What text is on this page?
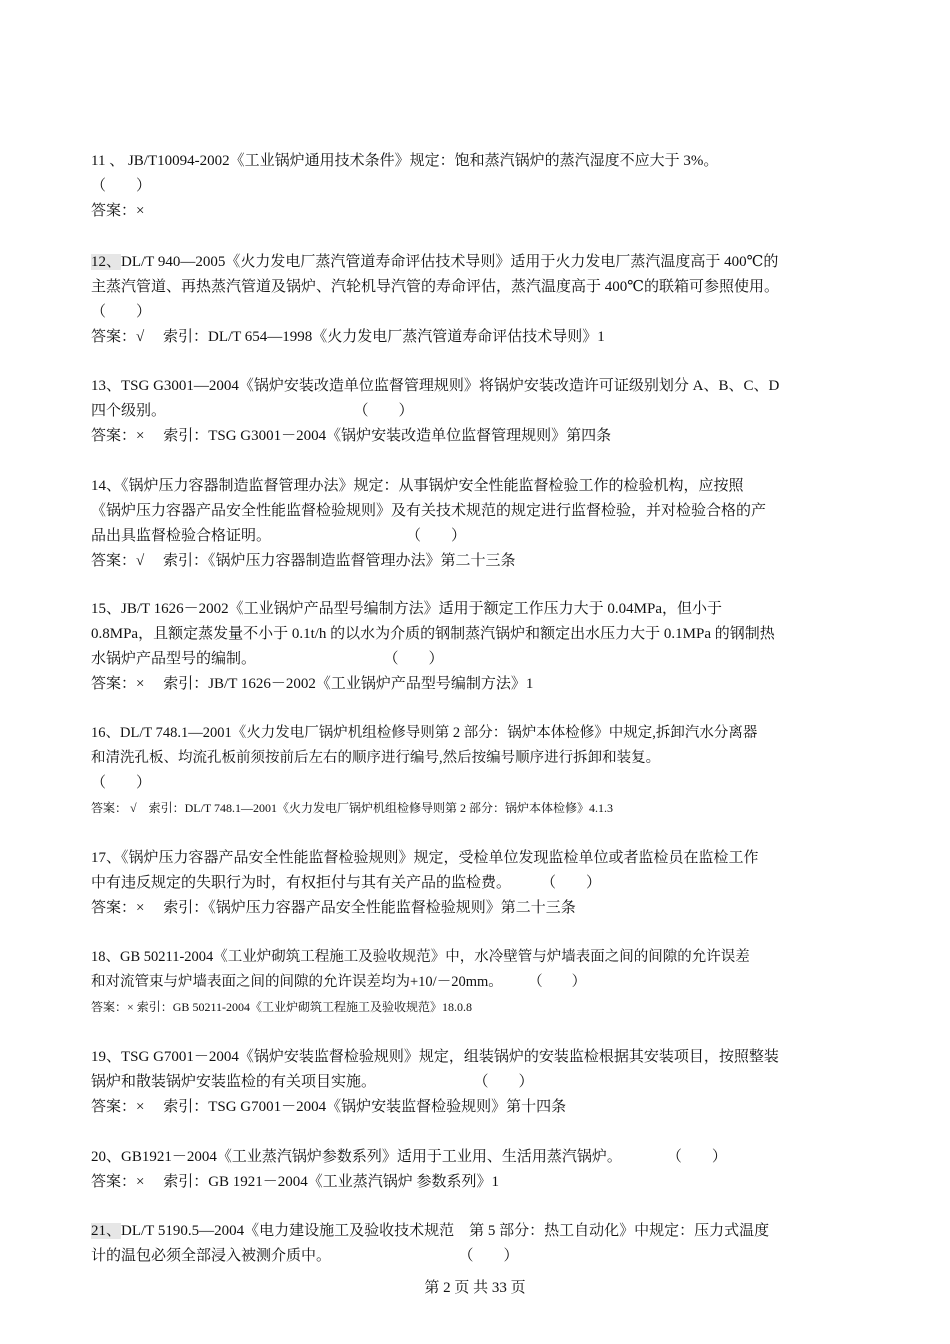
11 、 JB/T10094-2002《工业锅炉通用技术条件》规定：饱和蒸汽锅炉的蒸汽湿度不应大于 3%。
（　　）
答案：×
12、DL/T 940—2005《火力发电厂蒸汽管道寿命评估技术导则》适用于火力发电厂蒸汽温度高于 400℃的
主蒸汽管道、再热蒸汽管道及锅炉、汽轮机导汽管的寿命评估，蒸汽温度高于 400℃的联箱可参照使用。
（　　）
答案：√　 索引：DL/T 654—1998《火力发电厂蒸汽管道寿命评估技术导则》1
13、TSG G3001—2004《锅炉安装改造单位监督管理规则》将锅炉安装改造许可证级别划分 A、B、C、D
四个级别。                                                  （　　）
答案：×　 索引：TSG G3001－2004《锅炉安装改造单位监督管理规则》第四条
14、《锅炉压力容器制造监督管理办法》规定：从事锅炉安全性能监督检验工作的检验机构，应按照
《锅炉压力容器产品安全性能监督检验规则》及有关技术规范的规定进行监督检验，并对检验合格的产
品出具监督检验合格证明。                                    （　　）
答案：√　 索引：《锅炉压力容器制造监督管理办法》第二十三条
15、JB/T 1626－2002《工业锅炉产品型号编制方法》适用于额定工作压力大于 0.04MPa，但小于
0.8MPa，且额定蒸发量不小于 0.1t/h 的以水为介质的钢制蒸汽锅炉和额定出水压力大于 0.1MPa 的钢制热
水锅炉产品型号的编制。                                  （　　）
答案：×　 索引：JB/T 1626－2002《工业锅炉产品型号编制方法》1
16、DL/T 748.1—2001《火力发电厂锅炉机组检修导则第 2 部分：锅炉本体检修》中规定,拆卸汽水分离器
和清洗孔板、均流孔板前须按前后左右的顺序进行编号,然后按编号顺序进行拆卸和装复。
（　　）
答案： √　索引：DL/T 748.1—2001《火力发电厂锅炉机组检修导则第 2 部分：锅炉本体检修》4.1.3
17、《锅炉压力容器产品安全性能监督检验规则》规定，受检单位发现监检单位或者监检员在监检工作
中有违反规定的失职行为时，有权拒付与其有关产品的监检费。        （　　）
答案：×　 索引：《锅炉压力容器产品安全性能监督检验规则》第二十三条
18、GB 50211-2004《工业炉砌筑工程施工及验收规范》中，水冷壁管与炉墙表面之间的间隙的允许误差
和对流管束与炉墙表面之间的间隙的允许误差均为+10/－20mm。       （　　）
答案：× 索引：GB 50211-2004《工业炉砌筑工程施工及验收规范》18.0.8
19、TSG G7001－2004《锅炉安装监督检验规则》规定，组装锅炉的安装监检根据其安装项目，按照整装
锅炉和散装锅炉安装监检的有关项目实施。                          （　　）
答案：×　 索引：TSG G7001－2004《锅炉安装监督检验规则》第十四条
20、GB1921－2004《工业蒸汽锅炉参数系列》适用于工业用、生活用蒸汽锅炉。            （　　）
答案：×　 索引：GB 1921－2004《工业蒸汽锅炉 参数系列》1
21、DL/T 5190.5—2004《电力建设施工及验收技术规范　第 5 部分：热工自动化》中规定：压力式温度
计的温包必须全部浸入被测介质中。                                  （　　）
第 2 页 共 33 页
